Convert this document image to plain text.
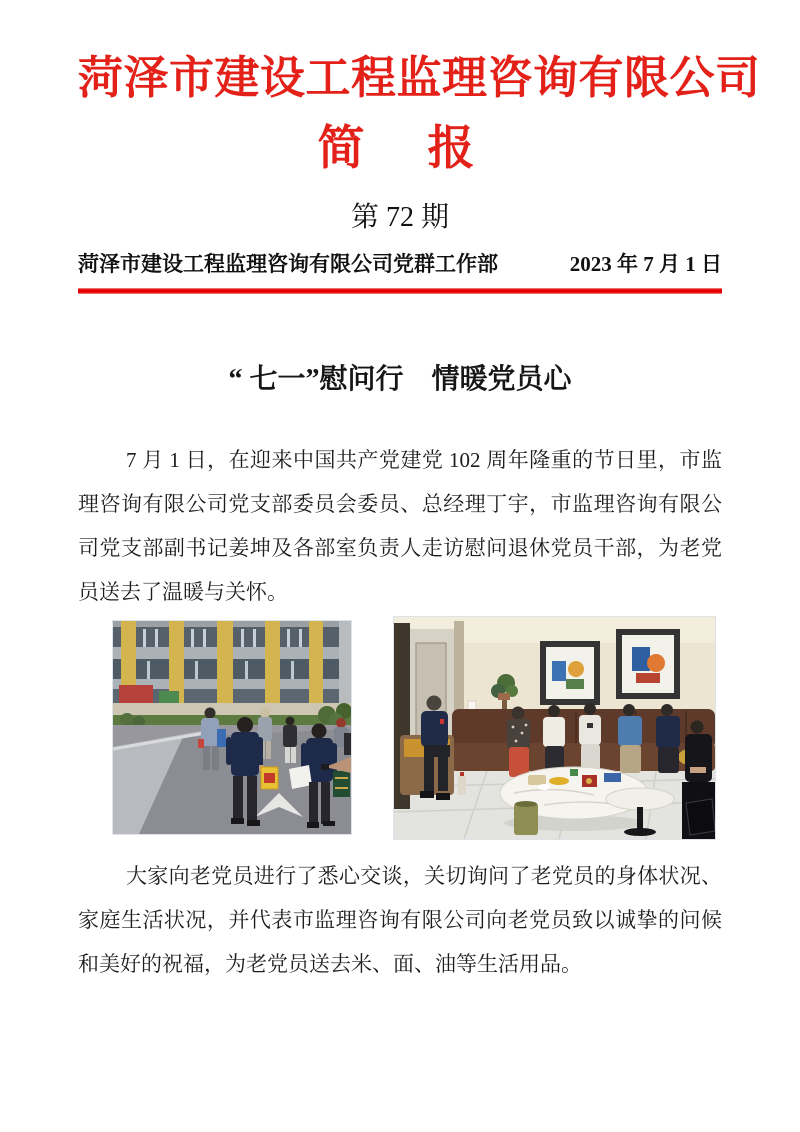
菏泽市建设工程监理咨询有限公司
简　报
第 72 期
菏泽市建设工程监理咨询有限公司党群工作部	2023 年 7 月 1 日
“ 七一”慰问行　情暖党员心

7 月 1 日，在迎来中国共产党建党 102 周年隆重的节日里，市监理咨询有限公司党支部委员会委员、总经理丁宇，市监理咨询有限公司党支部副书记姜坤及各部室负责人走访慰问退休党员干部，为老党员送去了温暖与关怀。

大家向老党员进行了悉心交谈，关切询问了老党员的身体状况、家庭生活状况，并代表市监理咨询有限公司向老党员致以诚挚的问候和美好的祝福，为老党员送去米、面、油等生活用品。
